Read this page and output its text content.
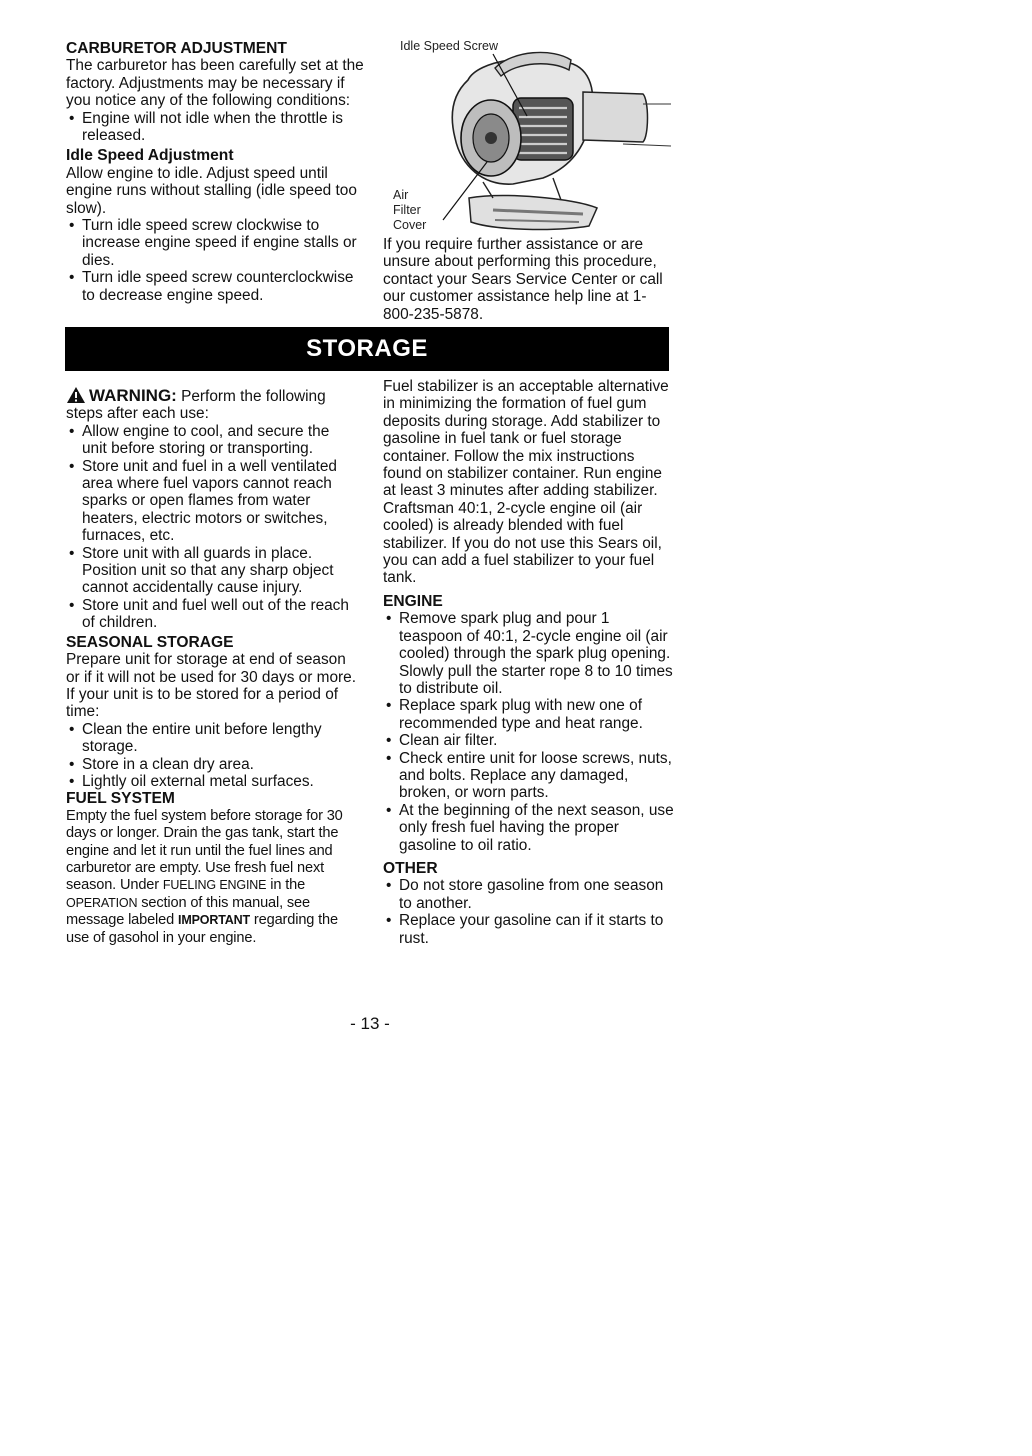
CARBURETOR ADJUSTMENT

The carburetor has been carefully set at the factory. Adjustments may be necessary if you notice any of the following conditions:

• Engine will not idle when the throttle is released.

Idle Speed Adjustment

Allow engine to idle. Adjust speed until engine runs without stalling (idle speed too slow).

• Turn idle speed screw clockwise to increase engine speed if engine stalls or dies.
• Turn idle speed screw counterclockwise to decrease engine speed.
Idle Speed Screw
Air
Filter
Cover

If you require further assistance or are unsure about performing this procedure, contact your Sears Service Center or call our customer assistance help line at 1-800-235-5878.

STORAGE

WARNING: Perform the following steps after each use:

• Allow engine to cool, and secure the unit before storing or transporting.
• Store unit and fuel in a well ventilated area where fuel vapors cannot reach sparks or open flames from water heaters, electric motors or switches, furnaces, etc.
• Store unit with all guards in place. Position unit so that any sharp object cannot accidentally cause injury.
• Store unit and fuel well out of the reach of children.

SEASONAL STORAGE

Prepare unit for storage at end of season or if it will not be used for 30 days or more.

If your unit is to be stored for a period of time:

• Clean the entire unit before lengthy storage.
• Store in a clean dry area.
• Lightly oil external metal surfaces.

FUEL SYSTEM

Empty the fuel system before storage for 30 days or longer. Drain the gas tank, start the engine and let it run until the fuel lines and carburetor are empty. Use fresh fuel next season. Under FUELING ENGINE in the OPERATION section of this manual, see message labeled IMPORTANT regarding the use of gasohol in your engine.

Fuel stabilizer is an acceptable alternative in minimizing the formation of fuel gum deposits during storage. Add stabilizer to gasoline in fuel tank or fuel storage container. Follow the mix instructions found on stabilizer container. Run engine at least 3 minutes after adding stabilizer.

Craftsman 40:1, 2-cycle engine oil (air cooled) is already blended with fuel stabilizer. If you do not use this Sears oil, you can add a fuel stabilizer to your fuel tank.

ENGINE

• Remove spark plug and pour 1 teaspoon of 40:1, 2-cycle engine oil (air cooled) through the spark plug opening. Slowly pull the starter rope 8 to 10 times to distribute oil.
• Replace spark plug with new one of recommended type and heat range.
• Clean air filter.
• Check entire unit for loose screws, nuts, and bolts. Replace any damaged, broken, or worn parts.
• At the beginning of the next season, use only fresh fuel having the proper gasoline to oil ratio.

OTHER

• Do not store gasoline from one season to another.
• Replace your gasoline can if it starts to rust.
- 13 -
